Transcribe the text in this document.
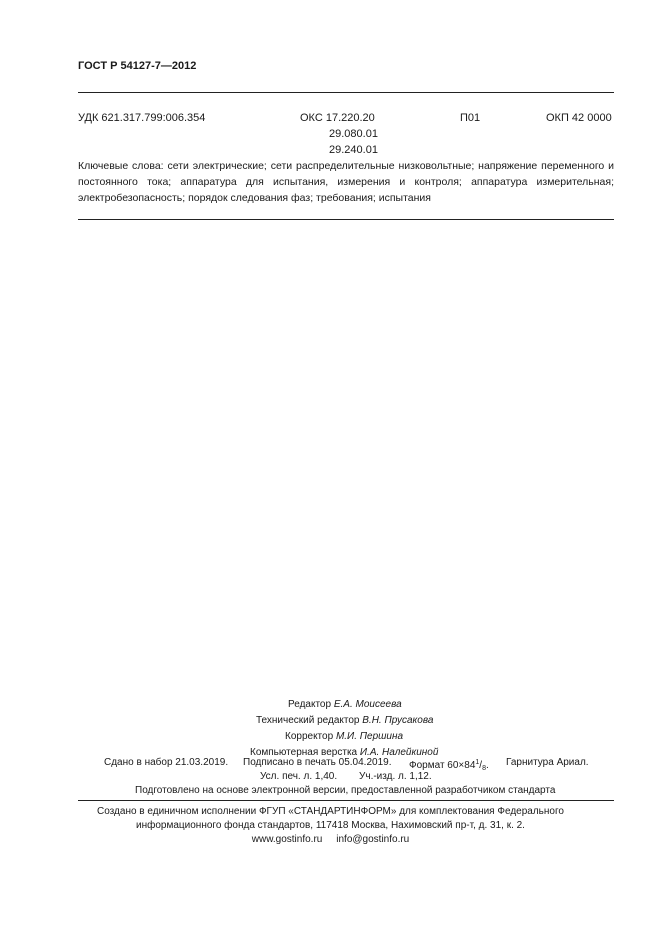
ГОСТ Р 54127-7—2012
УДК 621.317.799:006.354	ОКС 17.220.20
29.080.01
29.240.01
П01	ОКП 42 0000
Ключевые слова: сети электрические; сети распределительные низковольтные; напряжение переменного и постоянного тока; аппаратура для испытания, измерения и контроля; аппаратура измерительная; электробезопасность; порядок следования фаз; требования; испытания
Редактор Е.А. Моисеева
Технический редактор В.Н. Прусакова
Корректор М.И. Першина
Компьютерная верстка И.А. Налейкиной
Сдано в набор 21.03.2019. Подписано в печать 05.04.2019. Формат $60\times 84^1/_8$. Гарнитура Ариал.
Усл. печ. л. 1,40. Уч.-изд. л. 1,12.
Подготовлено на основе электронной версии, предоставленной разработчиком стандарта
Создано в единичном исполнении ФГУП «СТАНДАРТИНФОРМ» для комплектования Федерального
информационного фонда стандартов, 117418 Москва, Нахимовский пр-т, д. 31, к. 2.
www.gostinfo.ru info@gostinfo.ru
